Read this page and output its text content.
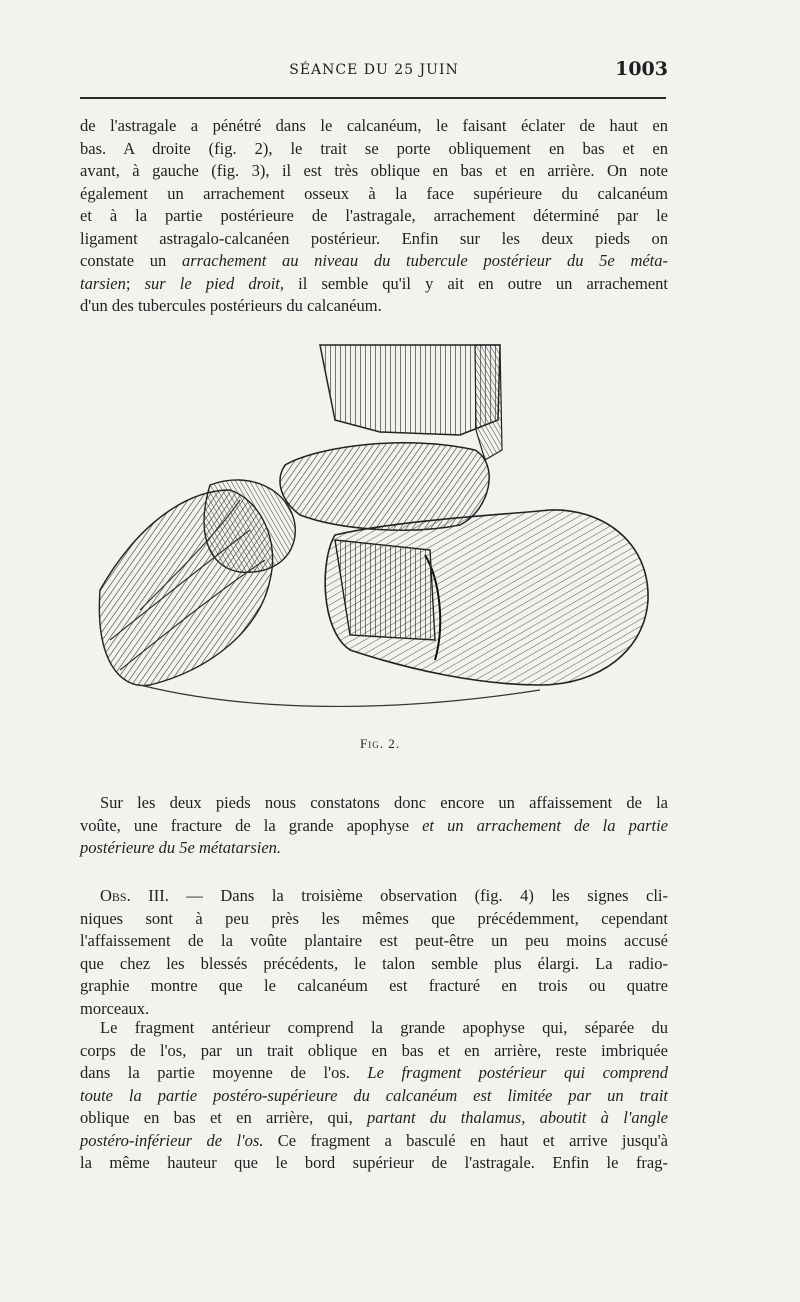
SÉANCE DU 25 JUIN	1003
de l'astragale a pénétré dans le calcanéum, le faisant éclater de haut en
bas. A droite (fig. 2), le trait se porte obliquement en bas et en
avant, à gauche (fig. 3), il est très oblique en bas et en arrière. On note
également un arrachement osseux à la face supérieure du calcanéum
et à la partie postérieure de l'astragale, arrachement déterminé par le
ligament astragalo-calcanéen postérieur. Enfin sur les deux pieds on
constate un arrachement au niveau du tubercule postérieur du 5e méta-
tarsien; sur le pied droit, il semble qu'il y ait en outre un arrachement
d'un des tubercules postérieurs du calcanéum.
Fig. 2.
Sur les deux pieds nous constatons donc encore un affaissement de la
voûte, une fracture de la grande apophyse et un arrachement de la partie
postérieure du 5e métatarsien.
Obs. III. — Dans la troisième observation (fig. 4) les signes cli-
niques sont à peu près les mêmes que précédemment, cependant
l'affaissement de la voûte plantaire est peut-être un peu moins accusé
que chez les blessés précédents, le talon semble plus élargi. La radio-
graphie montre que le calcanéum est fracturé en trois ou quatre
morceaux.
Le fragment antérieur comprend la grande apophyse qui, séparée du
corps de l'os, par un trait oblique en bas et en arrière, reste imbriquée
dans la partie moyenne de l'os. Le fragment postérieur qui comprend
toute la partie postéro-supérieure du calcanéum est limitée par un trait
oblique en bas et en arrière, qui, partant du thalamus, aboutit à l'angle
postéro-inférieur de l'os. Ce fragment a basculé en haut et arrive jusqu'à
la même hauteur que le bord supérieur de l'astragale. Enfin le frag-
